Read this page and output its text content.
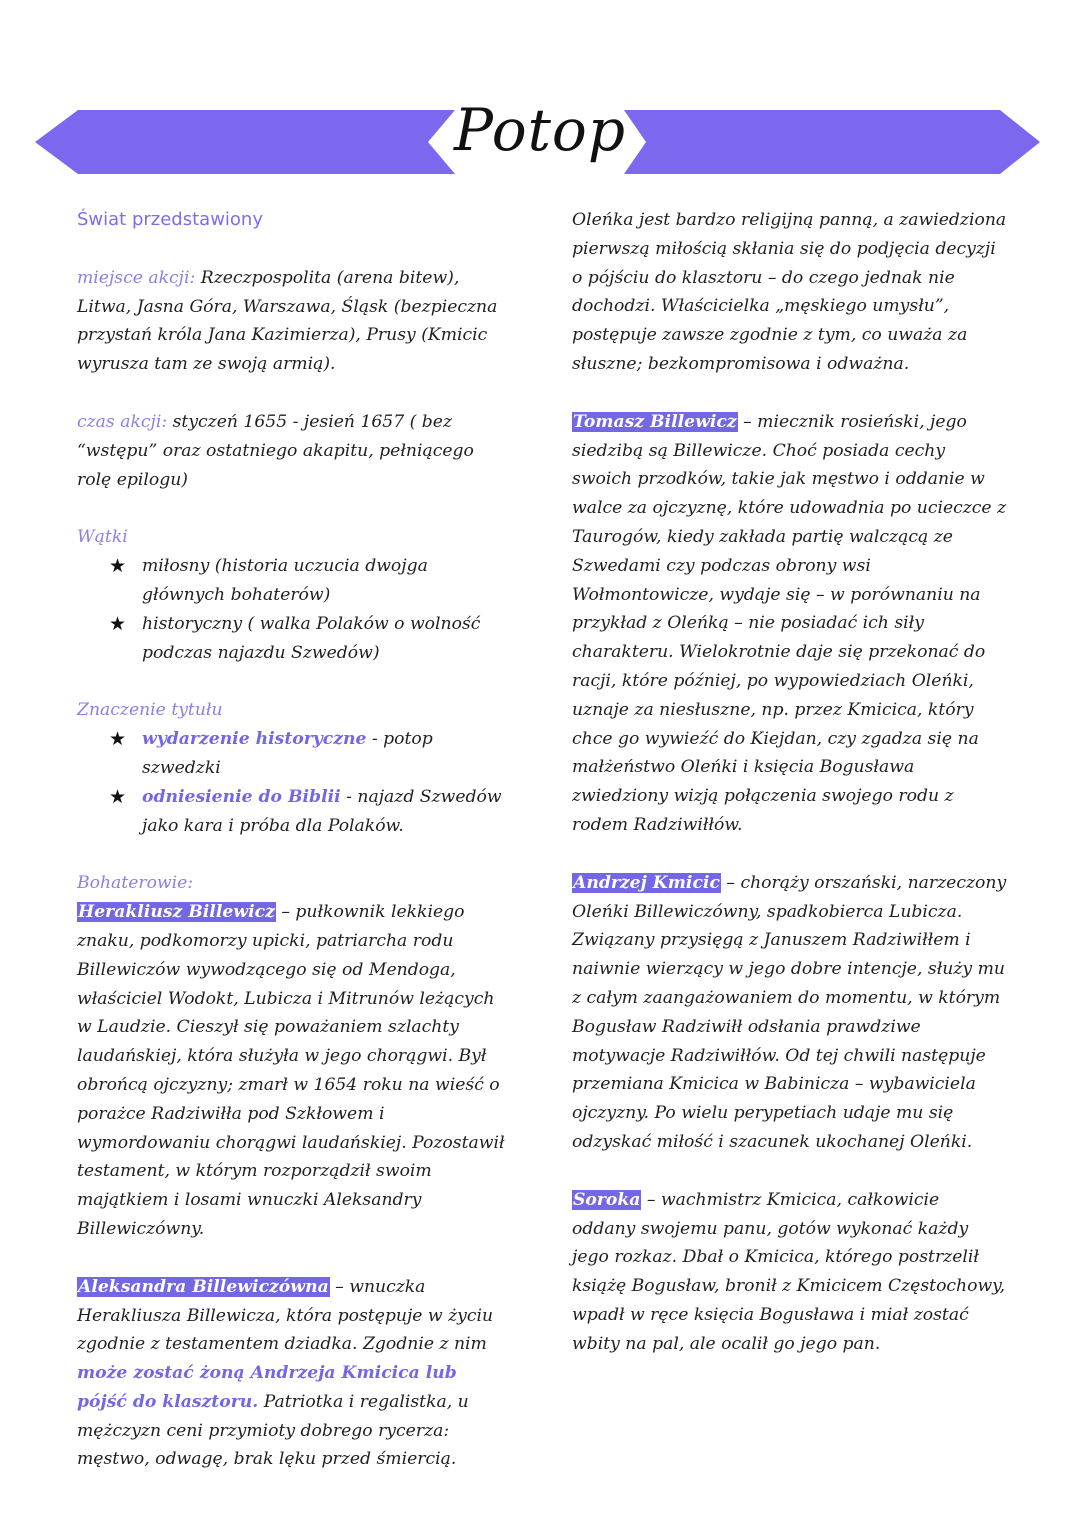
Potop

Świat przedstawiony

miejsce akcji: Rzeczpospolita (arena bitew), Litwa, Jasna Góra, Warszawa, Śląsk (bezpieczna przystań króla Jana Kazimierza), Prusy (Kmicic wyrusza tam ze swoją armią).

czas akcji: styczeń 1655 - jesień 1657 ( bez “wstępu” oraz ostatniego akapitu, pełniącego rolę epilogu)

Wątki

★ miłosny (historia uczucia dwojga głównych bohaterów)
★ historyczny ( walka Polaków o wolność podczas najazdu Szwedów)

Znaczenie tytułu

★ wydarzenie historyczne - potop szwedzki
★ odniesienie do Biblii - najazd Szwedów jako kara i próba dla Polaków.

Bohaterowie:

Herakliusz Billewicz – pułkownik lekkiego znaku, podkomorzy upicki, patriarcha rodu Billewiczów wywodzącego się od Mendoga, właściciel Wodokt, Lubicza i Mitrunów leżących w Laudzie. Cieszył się poważaniem szlachty laudańskiej, która służyła w jego chorągwi. Był obrońcą ojczyzny; zmarł w 1654 roku na wieść o porażce Radziwiłła pod Szkłowem i wymordowaniu chorągwi laudańskiej. Pozostawił testament, w którym rozporządził swoim majątkiem i losami wnuczki Aleksandry Billewiczówny.

Aleksandra Billewiczówna – wnuczka Herakliusza Billewicza, która postępuje w życiu zgodnie z testamentem dziadka. Zgodnie z nim może zostać żoną Andrzeja Kmicica lub pójść do klasztoru. Patriotka i regalistka, u mężczyzn ceni przymioty dobrego rycerza: męstwo, odwagę, brak lęku przed śmiercią.

Oleńka jest bardzo religijną panną, a zawiedziona pierwszą miłością skłania się do podjęcia decyzji o pójściu do klasztoru – do czego jednak nie dochodzi. Właścicielka „męskiego umysłu”, postępuje zawsze zgodnie z tym, co uważa za słuszne; bezkompromisowa i odważna.

Tomasz Billewicz – miecznik rosieński, jego siedzibą są Billewicze. Choć posiada cechy swoich przodków, takie jak męstwo i oddanie w walce za ojczyznę, które udowadnia po ucieczce z Taurogów, kiedy zakłada partię walczącą ze Szwedami czy podczas obrony wsi Wołmontowicze, wydaje się – w porównaniu na przykład z Oleńką – nie posiadać ich siły charakteru. Wielokrotnie daje się przekonać do racji, które później, po wypowiedziach Oleńki, uznaje za niesłuszne, np. przez Kmicica, który chce go wywieźć do Kiejdan, czy zgadza się na małżeństwo Oleńki i księcia Bogusława zwiedziony wizją połączenia swojego rodu z rodem Radziwiłłów.

Andrzej Kmicic – chorąży orszański, narzeczony Oleńki Billewiczówny, spadkobierca Lubicza. Związany przysięgą z Januszem Radziwiłłem i naiwnie wierzący w jego dobre intencje, służy mu z całym zaangażowaniem do momentu, w którym Bogusław Radziwiłł odsłania prawdziwe motywacje Radziwiłłów. Od tej chwili następuje przemiana Kmicica w Babinicza – wybawiciela ojczyzny. Po wielu perypetiach udaje mu się odzyskać miłość i szacunek ukochanej Oleńki.

Soroka – wachmistrz Kmicica, całkowicie oddany swojemu panu, gotów wykonać każdy jego rozkaz. Dbał o Kmicica, którego postrzelił książę Bogusław, bronił z Kmicicem Częstochowy, wpadł w ręce księcia Bogusława i miał zostać wbity na pal, ale ocalił go jego pan.
